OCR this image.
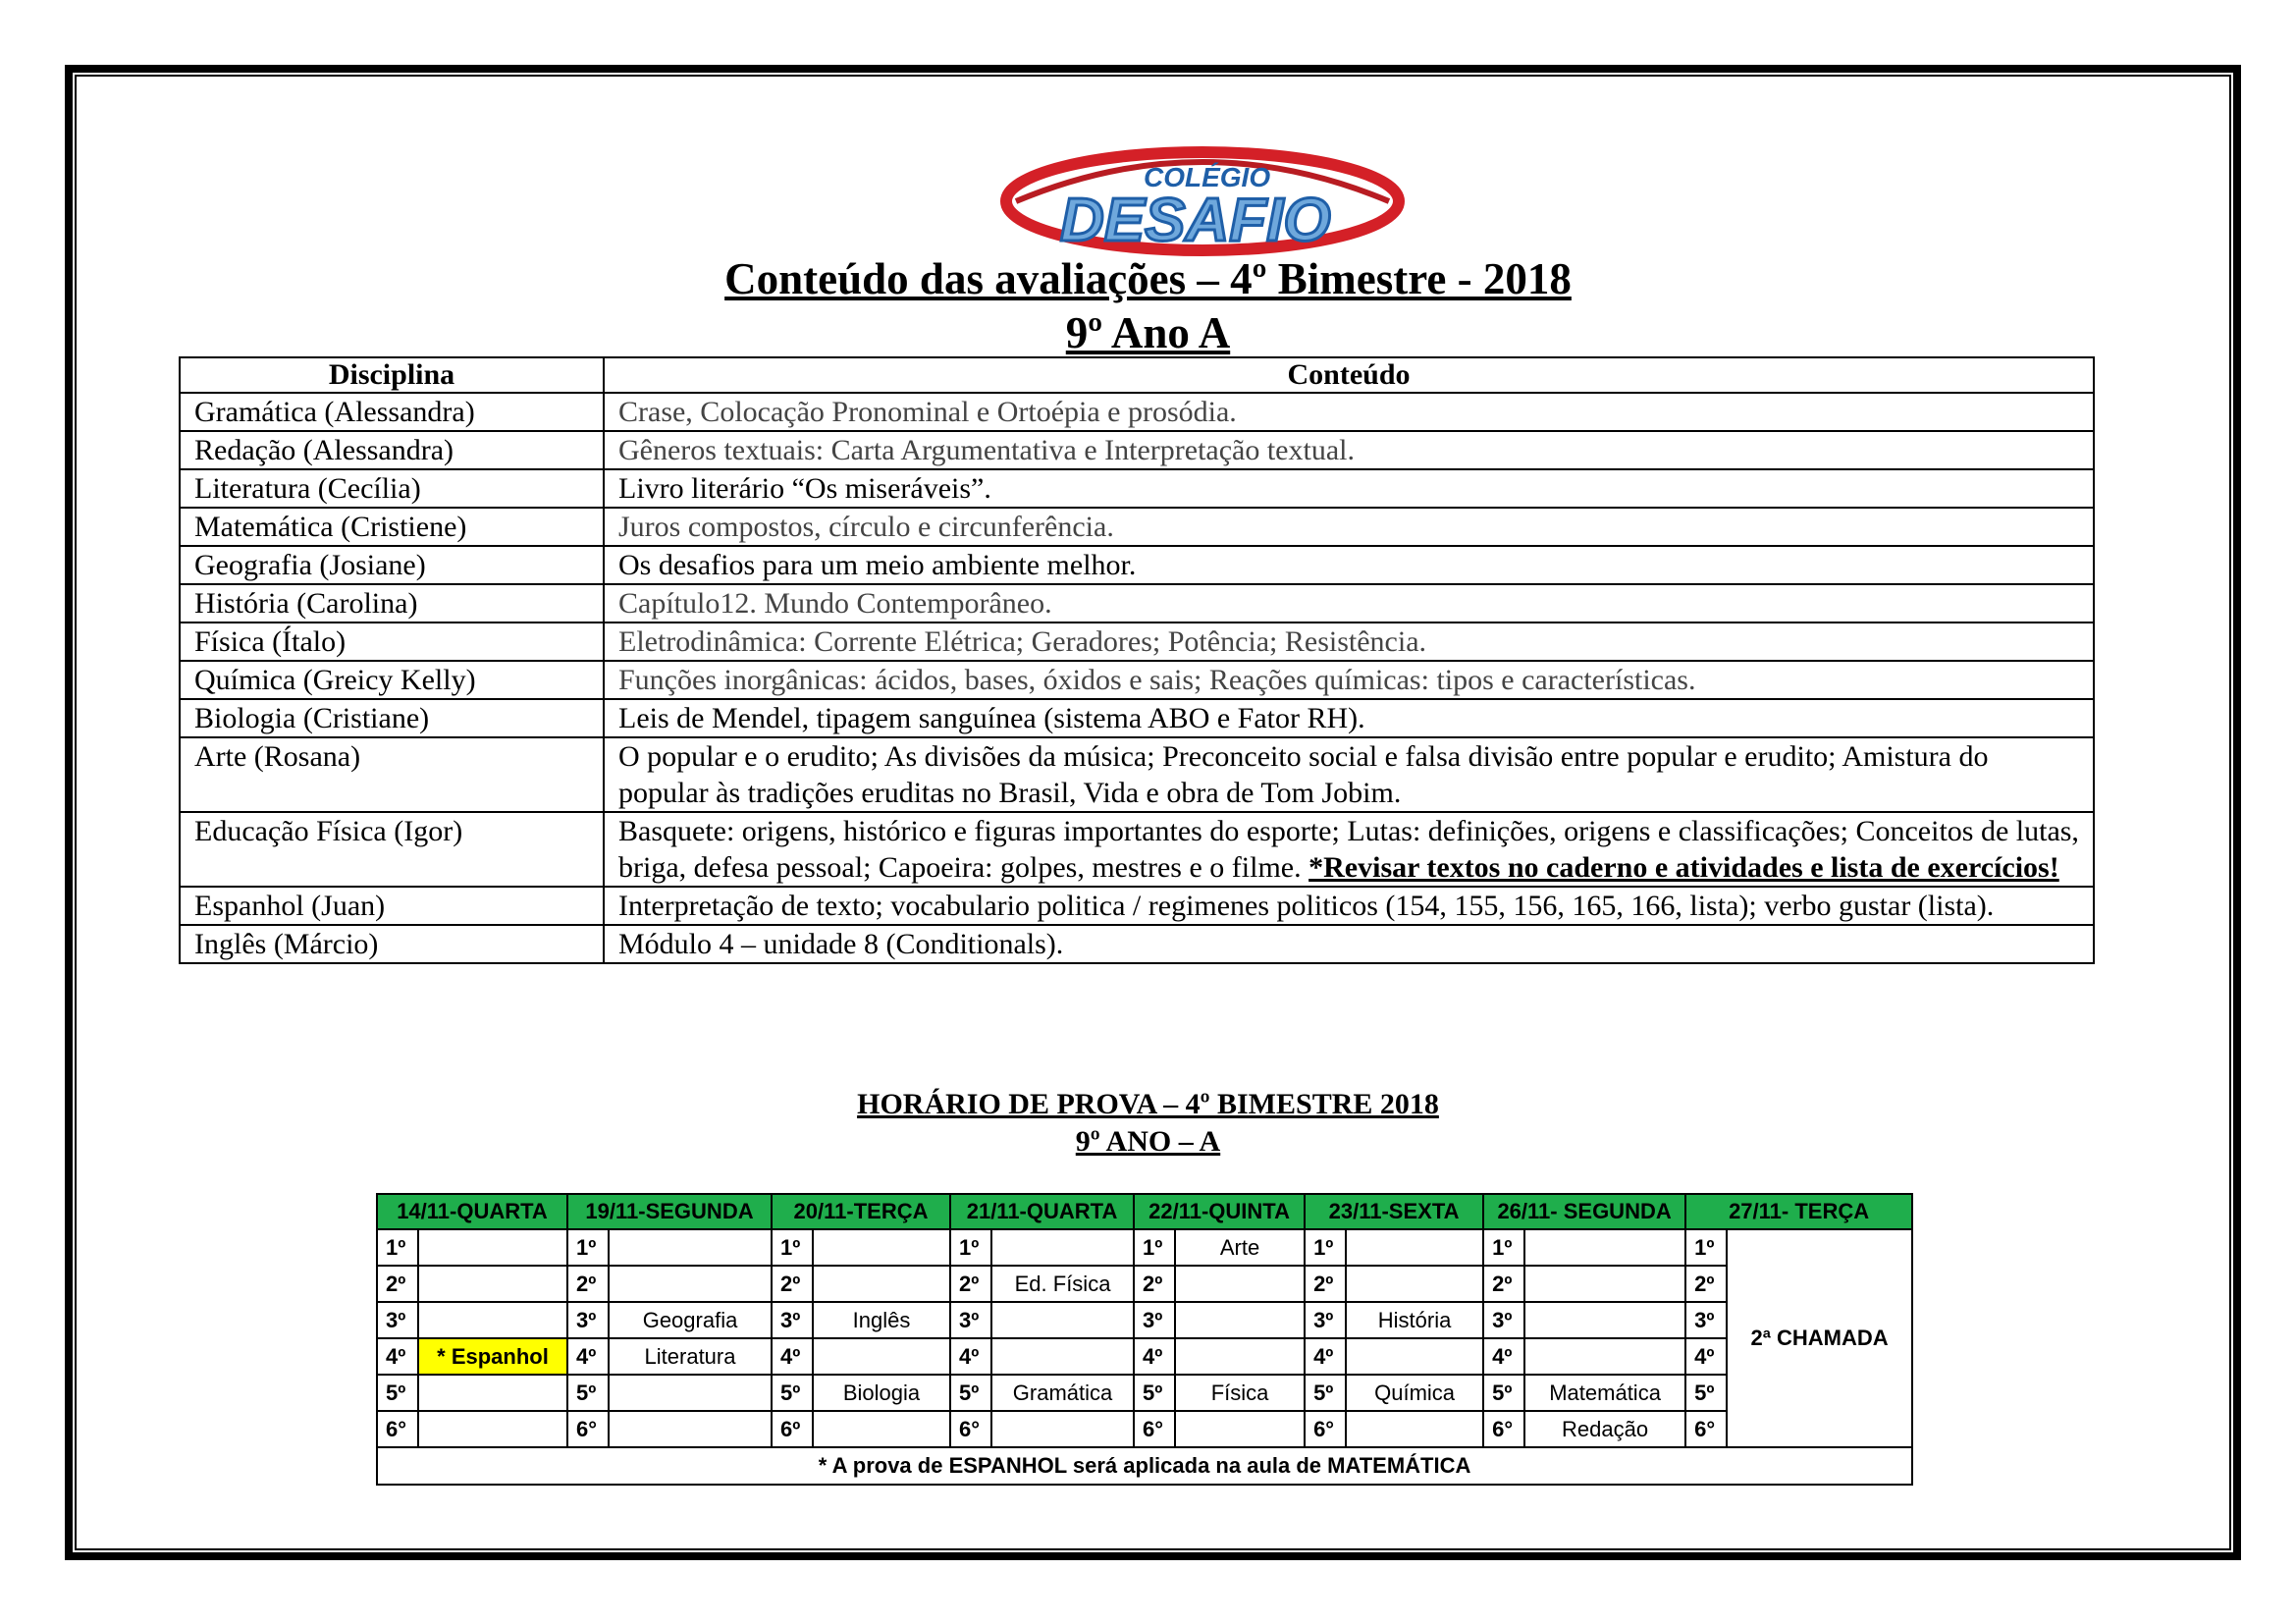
COLÉGIO
DESAFIO
Conteúdo das avaliações – 4º Bimestre - 2018
9º Ano A
Disciplina	Conteúdo
Gramática (Alessandra)	Crase, Colocação Pronominal e Ortoépia e prosódia.
Redação (Alessandra)	Gêneros textuais: Carta Argumentativa e Interpretação textual.
Literatura (Cecília)	Livro literário “Os miseráveis”.
Matemática (Cristiene)	Juros compostos, círculo e circunferência.
Geografia (Josiane)	Os desafios para um meio ambiente melhor.
História (Carolina)	Capítulo12. Mundo Contemporâneo.
Física (Ítalo)	Eletrodinâmica: Corrente Elétrica; Geradores; Potência; Resistência.
Química (Greicy Kelly)	Funções inorgânicas: ácidos, bases, óxidos e sais; Reações químicas: tipos e características.
Biologia (Cristiane)	Leis de Mendel, tipagem sanguínea (sistema ABO e Fator RH).
Arte (Rosana)	O popular e o erudito; As divisões da música; Preconceito social e falsa divisão entre popular e erudito; Amistura do popular às tradições eruditas no Brasil, Vida e obra de Tom Jobim.
Educação Física (Igor)	Basquete: origens, histórico e figuras importantes do esporte; Lutas: definições, origens e classificações; Conceitos de lutas, briga, defesa pessoal; Capoeira: golpes, mestres e o filme. *Revisar textos no caderno e atividades e lista de exercícios!
Espanhol (Juan)	Interpretação de texto; vocabulario politica / regimenes politicos (154, 155, 156, 165, 166, lista); verbo gustar (lista).
Inglês (Márcio)	Módulo 4 – unidade 8 (Conditionals).
HORÁRIO DE PROVA – 4º BIMESTRE 2018
9º ANO – A
14/11-QUARTA		19/11-SEGUNDA		20/11-TERÇA		21/11-QUARTA		22/11-QUINTA		23/11-SEXTA		26/11- SEGUNDA		27/11- TERÇA	
1º		1º		1º		1º		1º	Arte	1º		1º		1º	2ª CHAMADA
2º		2º		2º		2º	Ed. Física	2º		2º		2º		2º	
3º		3º	Geografia	3º	Inglês	3º		3º		3º	História	3º		3º	
4º	* Espanhol	4º	Literatura	4º		4º		4º		4º		4º		4º	
5º		5º		5º	Biologia	5º	Gramática	5º	Física	5º	Química	5º	Matemática	5º	
6°		6°		6º		6°		6°		6°		6°	Redação	6°	
* A prova de ESPANHOL será aplicada na aula de MATEMÁTICA															
